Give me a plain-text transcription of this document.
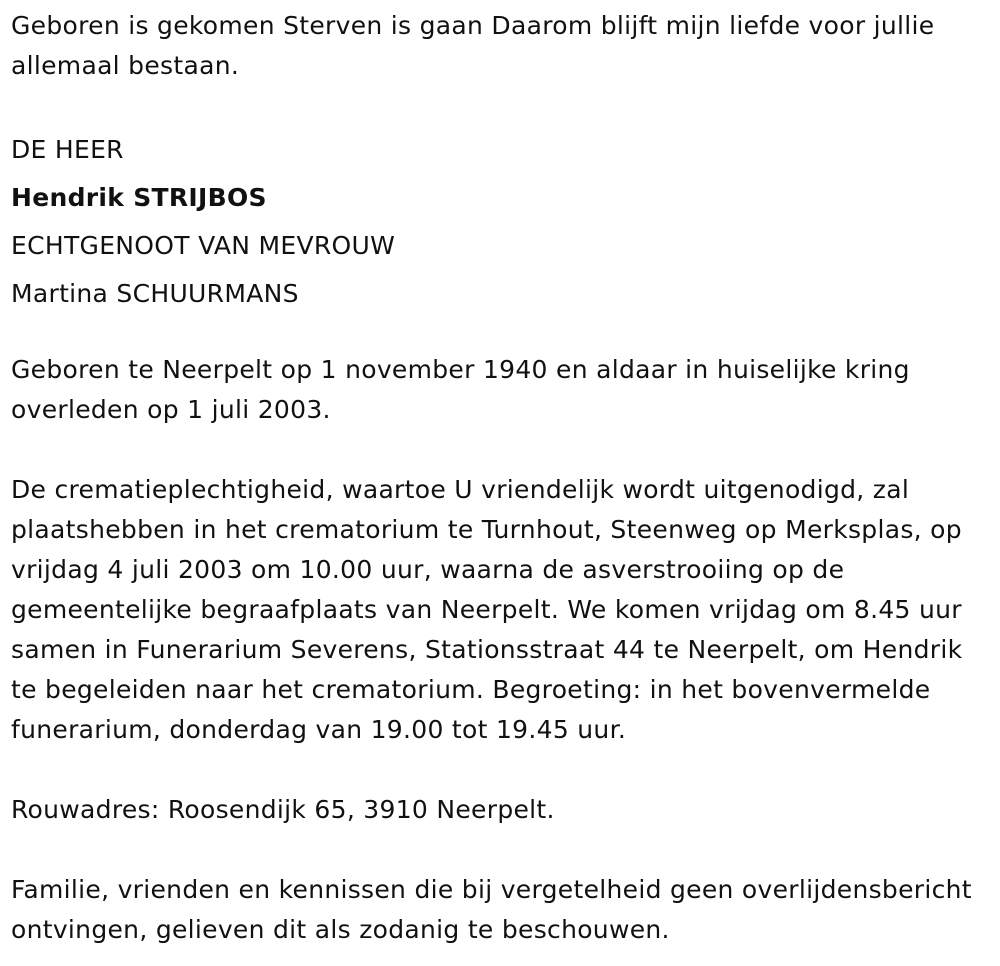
Geboren is gekomen Sterven is gaan Daarom blijft mijn liefde voor jullie allemaal bestaan.

DE HEER

Hendrik STRIJBOS

ECHTGENOOT VAN MEVROUW

Martina SCHUURMANS

Geboren te Neerpelt op 1 november 1940 en aldaar in huiselijke kring overleden op 1 juli 2003.

De crematieplechtigheid, waartoe U vriendelijk wordt uitgenodigd, zal plaatshebben in het crematorium te Turnhout, Steenweg op Merksplas, op vrijdag 4 juli 2003 om 10.00 uur, waarna de asverstrooiing op de gemeentelijke begraafplaats van Neerpelt. We komen vrijdag om 8.45 uur samen in Funerarium Severens, Stationsstraat 44 te Neerpelt, om Hendrik te begeleiden naar het crematorium. Begroeting: in het bovenvermelde funerarium, donderdag van 19.00 tot 19.45 uur.

Rouwadres: Roosendijk 65, 3910 Neerpelt.

Familie, vrienden en kennissen die bij vergetelheid geen overlijdensbericht ontvingen, gelieven dit als zodanig te beschouwen.
